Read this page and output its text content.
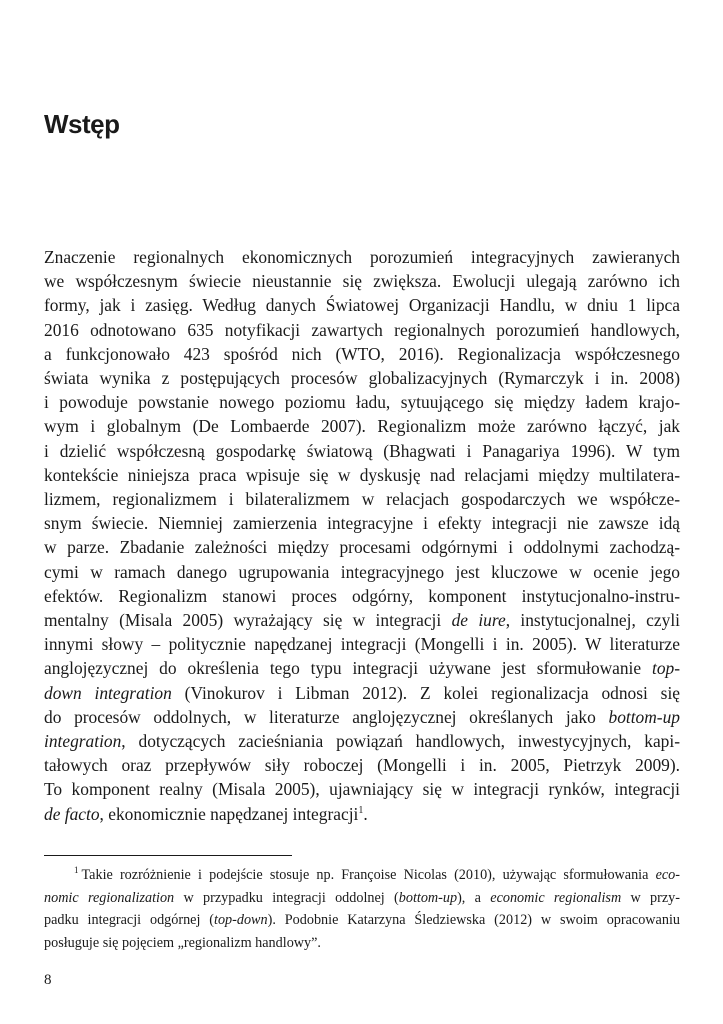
Wstęp
Znaczenie regionalnych ekonomicznych porozumień integracyjnych zawieranych
we współczesnym świecie nieustannie się zwiększa. Ewolucji ulegają zarówno ich
formy, jak i zasięg. Według danych Światowej Organizacji Handlu, w dniu 1 lipca
2016 odnotowano 635 notyfikacji zawartych regionalnych porozumień handlowych,
a funkcjonowało 423 spośród nich (WTO, 2016). Regionalizacja współczesnego
świata wynika z postępujących procesów globalizacyjnych (Rymarczyk i in. 2008)
i powoduje powstanie nowego poziomu ładu, sytuującego się między ładem krajo-
wym i globalnym (De Lombaerde 2007). Regionalizm może zarówno łączyć, jak
i dzielić współczesną gospodarkę światową (Bhagwati i Panagariya 1996). W tym
kontekście niniejsza praca wpisuje się w dyskusję nad relacjami między multilatera-
lizmem, regionalizmem i bilateralizmem w relacjach gospodarczych we współcze-
snym świecie. Niemniej zamierzenia integracyjne i efekty integracji nie zawsze idą
w parze. Zbadanie zależności między procesami odgórnymi i oddolnymi zachodzą-
cymi w ramach danego ugrupowania integracyjnego jest kluczowe w ocenie jego
efektów. Regionalizm stanowi proces odgórny, komponent instytucjonalno-instru-
mentalny (Misala 2005) wyrażający się w integracji de iure, instytucjonalnej, czyli
innymi słowy – politycznie napędzanej integracji (Mongelli i in. 2005). W literaturze
anglojęzycznej do określenia tego typu integracji używane jest sformułowanie top-
down integration (Vinokurov i Libman 2012). Z kolei regionalizacja odnosi się
do procesów oddolnych, w literaturze anglojęzycznej określanych jako bottom-up
integration, dotyczących zacieśniania powiązań handlowych, inwestycyjnych, kapi-
tałowych oraz przepływów siły roboczej (Mongelli i in. 2005, Pietrzyk 2009).
To komponent realny (Misala 2005), ujawniający się w integracji rynków, integracji
de facto, ekonomicznie napędzanej integracji$^1$.
$^1$ Takie rozróżnienie i podejście stosuje np. Françoise Nicolas (2010), używając sformułowania eco-
nomic regionalization w przypadku integracji oddolnej (bottom-up), a economic regionalism w przy-
padku integracji odgórnej (top-down). Podobnie Katarzyna Śledziewska (2012) w swoim opracowaniu
posługuje się pojęciem „regionalizm handlowy”.
8
